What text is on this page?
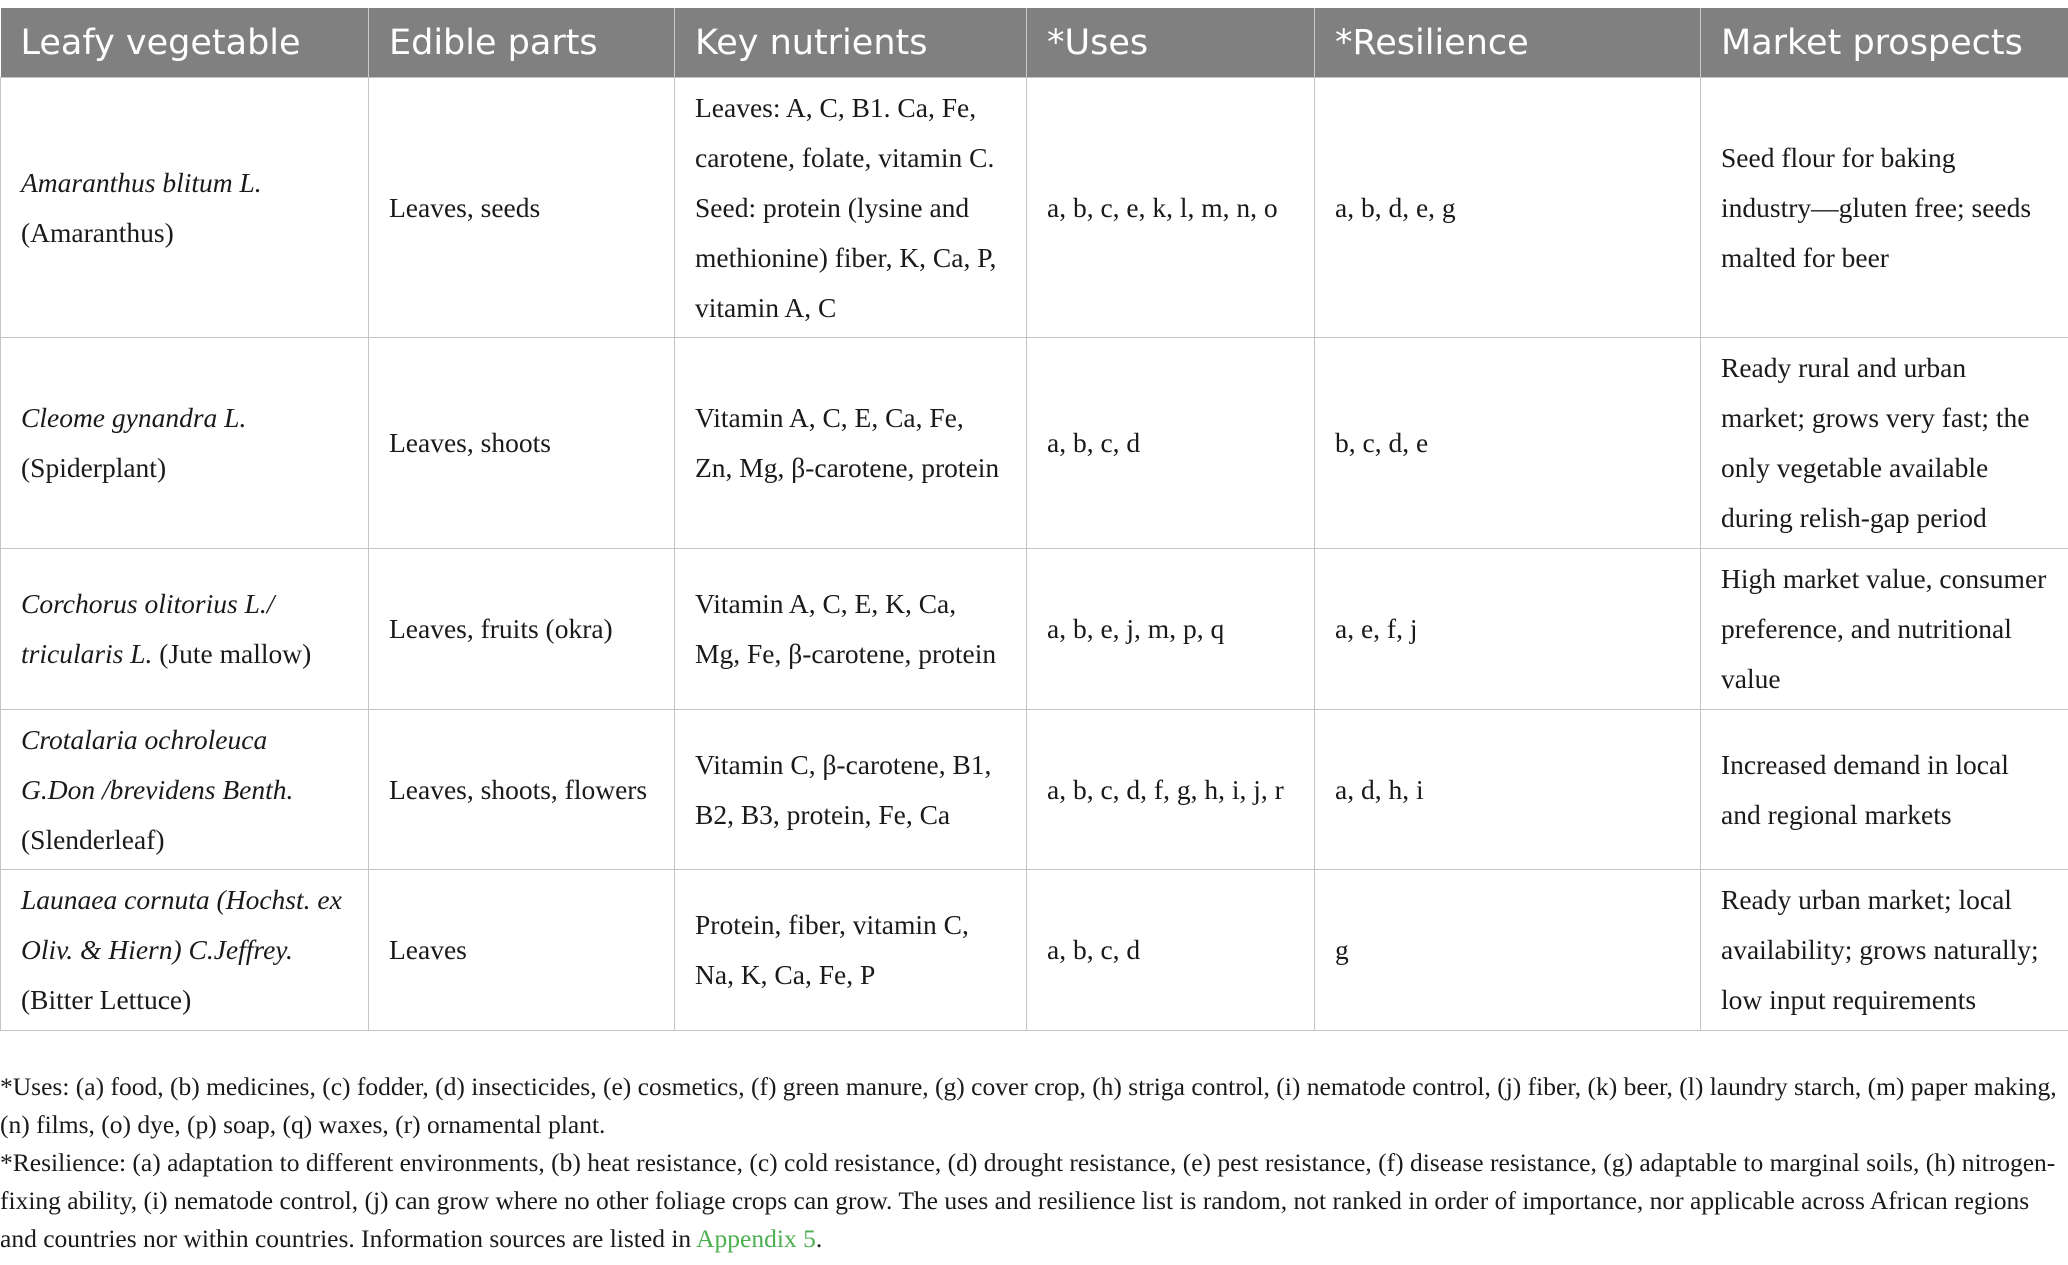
Leafy vegetable	Edible parts	Key nutrients	*Uses	*Resilience	Market prospects
Amaranthus blitum L.
(Amaranthus)	Leaves, seeds	Leaves: A, C, B1. Ca, Fe, carotene, folate, vitamin C. Seed: protein (lysine and methionine) fiber, K, Ca, P, vitamin A, C	a, b, c, e, k, l, m, n, o	a, b, d, e, g	Seed flour for baking industry—gluten free; seeds malted for beer
Cleome gynandra L.
(Spiderplant)	Leaves, shoots	Vitamin A, C, E, Ca, Fe, Zn, Mg, β-carotene, protein	a, b, c, d	b, c, d, e	Ready rural and urban market; grows very fast; the only vegetable available during relish-gap period
Corchorus olitorius L./ tricularis L. (Jute mallow)	Leaves, fruits (okra)	Vitamin A, C, E, K, Ca, Mg, Fe, β-carotene, protein	a, b, e, j, m, p, q	a, e, f, j	High market value, consumer preference, and nutritional value
Crotalaria ochroleuca G.Don /brevidens Benth.
(Slenderleaf)	Leaves, shoots, flowers	Vitamin C, β-carotene, B1, B2, B3, protein, Fe, Ca	a, b, c, d, f, g, h, i, j, r	a, d, h, i	Increased demand in local and regional markets
Launaea cornuta (Hochst. ex Oliv. & Hiern) C.Jeffrey.
(Bitter Lettuce)	Leaves	Protein, fiber, vitamin C, Na, K, Ca, Fe, P	a, b, c, d	g	Ready urban market; local availability; grows naturally; low input requirements

*Uses: (a) food, (b) medicines, (c) fodder, (d) insecticides, (e) cosmetics, (f) green manure, (g) cover crop, (h) striga control, (i) nematode control, (j) fiber, (k) beer, (l) laundry starch, (m) paper making, (n) films, (o) dye, (p) soap, (q) waxes, (r) ornamental plant.

*Resilience: (a) adaptation to different environments, (b) heat resistance, (c) cold resistance, (d) drought resistance, (e) pest resistance, (f) disease resistance, (g) adaptable to marginal soils, (h) nitrogen-fixing ability, (i) nematode control, (j) can grow where no other foliage crops can grow. The uses and resilience list is random, not ranked in order of importance, nor applicable across African regions and countries nor within countries. Information sources are listed in Appendix 5.
